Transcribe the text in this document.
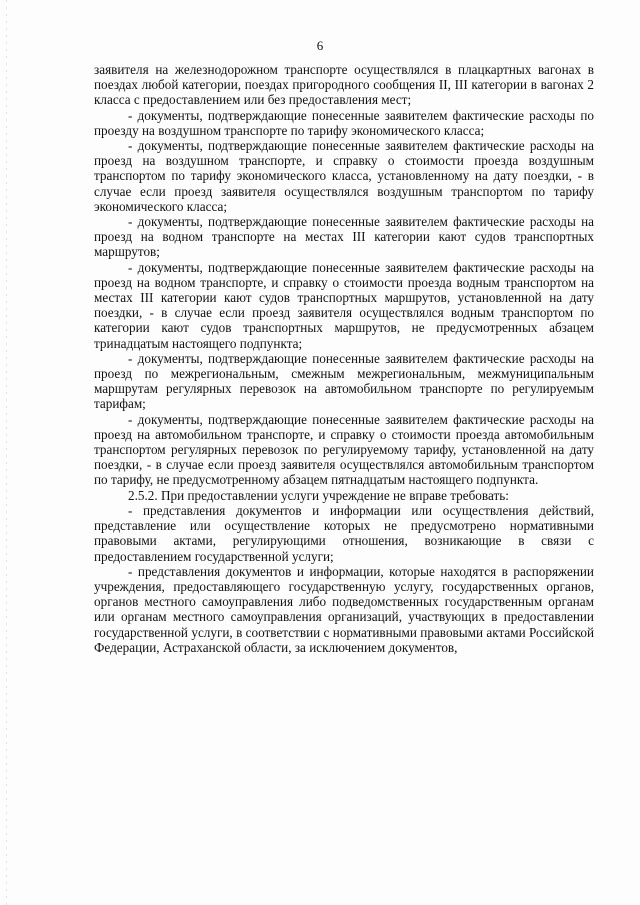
6

заявителя на железнодорожном транспорте осуществлялся в плацкартных вагонах в поездах любой категории, поездах пригородного сообщения II, III категории в вагонах 2 класса с предоставлением или без предоставления мест;

- документы, подтверждающие понесенные заявителем фактические расходы по проезду на воздушном транспорте по тарифу экономического класса;

- документы, подтверждающие понесенные заявителем фактические расходы на проезд на воздушном транспорте, и справку о стоимости проезда воздушным транспортом по тарифу экономического класса, установленному на дату поездки, - в случае если проезд заявителя осуществлялся воздушным транспортом по тарифу экономического класса;

- документы, подтверждающие понесенные заявителем фактические расходы на проезд на водном транспорте на местах III категории кают судов транспортных маршрутов;

- документы, подтверждающие понесенные заявителем фактические расходы на проезд на водном транспорте, и справку о стоимости проезда водным транспортом на местах III категории кают судов транспортных маршрутов, установленной на дату поездки, - в случае если проезд заявителя осуществлялся водным транспортом по категории кают судов транспортных маршрутов, не предусмотренных абзацем тринадцатым настоящего подпункта;

- документы, подтверждающие понесенные заявителем фактические расходы на проезд по межрегиональным, смежным межрегиональным, межмуниципальным маршрутам регулярных перевозок на автомобильном транспорте по регулируемым тарифам;

- документы, подтверждающие понесенные заявителем фактические расходы на проезд на автомобильном транспорте, и справку о стоимости проезда автомобильным транспортом регулярных перевозок по регулируемому тарифу, установленной на дату поездки, - в случае если проезд заявителя осуществлялся автомобильным транспортом по тарифу, не предусмотренному абзацем пятнадцатым настоящего подпункта.

2.5.2. При предоставлении услуги учреждение не вправе требовать:

- представления документов и информации или осуществления действий, представление или осуществление которых не предусмотрено нормативными правовыми актами, регулирующими отношения, возникающие в связи с предоставлением государственной услуги;

- представления документов и информации, которые находятся в распоряжении учреждения, предоставляющего государственную услугу, государственных органов, органов местного самоуправления либо подведомственных государственным органам или органам местного самоуправления организаций, участвующих в предоставлении государственной услуги, в соответствии с нормативными правовыми актами Российской Федерации, Астраханской области, за исключением документов,
